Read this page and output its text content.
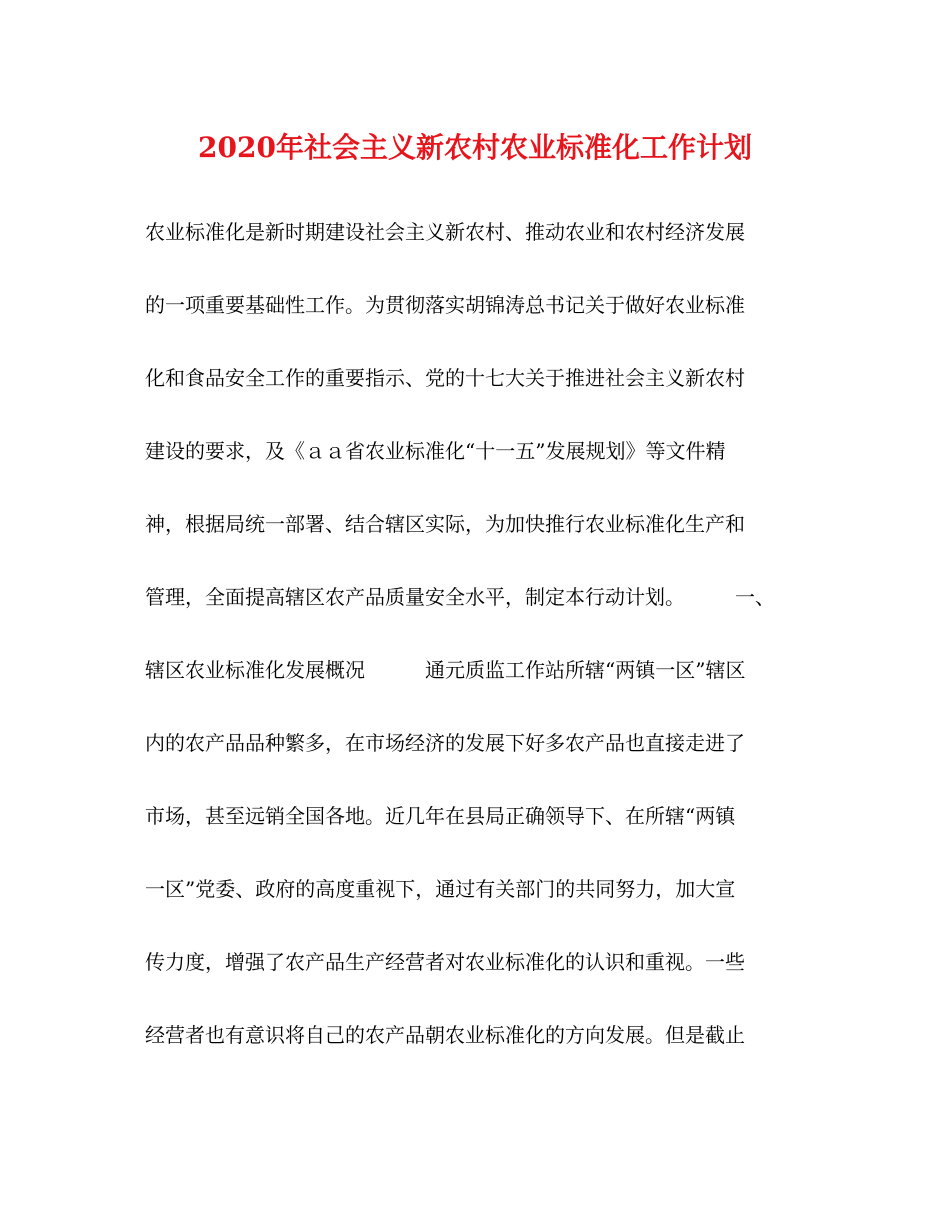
2020年社会主义新农村农业标准化工作计划
农业标准化是新时期建设社会主义新农村、推动农业和农村经济发展
的一项重要基础性工作。为贯彻落实胡锦涛总书记关于做好农业标准
化和食品安全工作的重要指示、党的十七大关于推进社会主义新农村
建设的要求，及《ａａ省农业标准化“十一五”发展规划》等文件精
神，根据局统一部署、结合辖区实际，为加快推行农业标准化生产和
管理，全面提高辖区农产品质量安全水平，制定本行动计划。　　　一、
辖区农业标准化发展概况　　　通元质监工作站所辖“两镇一区”辖区
内的农产品品种繁多，在市场经济的发展下好多农产品也直接走进了
市场，甚至远销全国各地。近几年在县局正确领导下、在所辖“两镇
一区”党委、政府的高度重视下，通过有关部门的共同努力，加大宣
传力度，增强了农产品生产经营者对农业标准化的认识和重视。一些
经营者也有意识将自己的农产品朝农业标准化的方向发展。但是截止
